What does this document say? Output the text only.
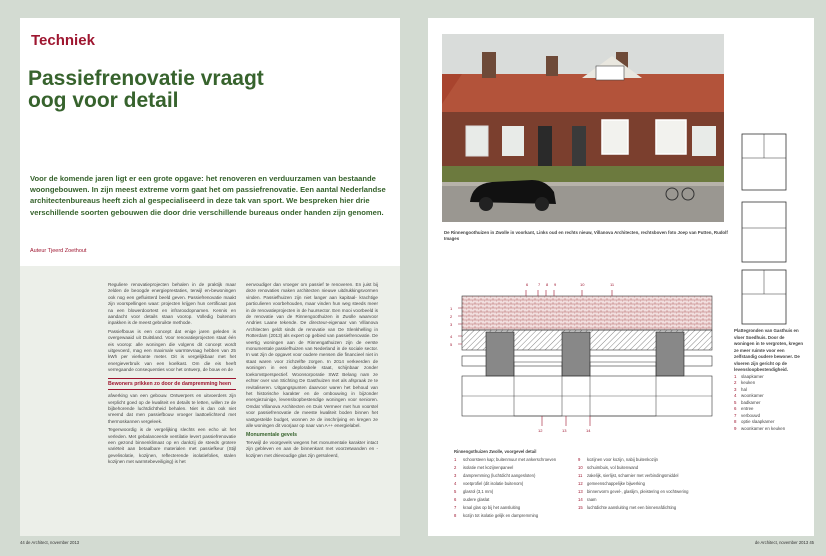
Techniek
Passiefrenovatie vraagt
oog voor detail
Voor de komende jaren ligt er een grote opgave: het renoveren en verduurzamen van bestaande woongebouwen. In zijn meest extreme vorm gaat het om passiefrenovatie. Een aantal Nederlandse architectenbureaus heeft zich al gespecialiseerd in deze tak van sport. We bespreken hier drie verschillende soorten gebouwen die door drie verschillende bureaus onder handen zijn genomen.
Auteur Tjeerd Zoethout

Reguliere renovatieprojecten behalen in de praktijk maar zelden de beoogde energieprestaties, terwijl en-bewoningen ook nog een gefluisterd beeld geven. Passiefrenovatie maakt zijn voorspellingen waar: projecten krijgen hun certificaat pas na een blowerdoortest en infraroodopnamen. Kennis en aandacht voor details staan voorop. Volledig buitenom inpakken is de meest gebruikte methode.

Passiefbouw is een concept dat enige jaren geleden is overgewaaid uit Duitsland. Voor renovatieprojecten staat één eis voorop: alle woningen die volgens dit concept wordt uitgevoerd, mag een maximale warmtevraag hebben van 25 kWh per vierkante meter. Dit is vergelijkbaar met het energieverbruik van een koelkast. Om die eis heeft verregaande consequenties voor het ontwerp, de bouw en de

Bewoners prikken zo door de dampremming heen

afwerking van een gebouw. Ontwerpers en uitvoerders zijn verplicht goed op de kwaliteit en details te letten, willen ze de bijbehorende luchtdichtheid behalen. Niet is dan ook niet vreemd dat men passiefbouw vroeger laattoelichtend met thermoskannen vergeleek.

Tegenwoordig is de vergelijking slechts een echo uit het verleden. Met gebalanceerde ventilatie levert passiefrenovatie een gezond binnenklimaat op en dankzij de steeds grotere variëteit aan betaalbare materialen met passiefkeur (Stijl gevelisolatie, kozijnen, reflecterende isolatiefolies, stalen kozijnen met warmtebeveiliging) is het

eenvoudiger dan vroeger om passief te renoveren. En juist bij deze renovaties maken architecten nieuwe uitdrukkingsvormen vinden. Passiefhuizen zijn niet langer aan kapitaal- krachtige particulieren voorbehouden, maar vinden hun weg steeds meer in de renovatieprojecten in de huursector. Een mooi voorbeeld is de renovatie van de Rinnengoothuizen in Zwolle waarvoor Andries Laane tekende. De directeur-eigenaar van Villanova Architecten geldt sinds de renovatie van De Slenkhelling in Rotterdam (2013) als expert op gebied van passiefrenovatie. De veertig woningen aan de Rinnengathuizen zijn de eerste monumentale passiefhuizen van Nederland in de sociale sector. In wat zijn de opgavet voor oudere mensen die financieel niet in staat waren voor zichzelfte zorgen. In 2014 verkeerden de woningen in een deplorabele staat, schijnbaar zonder toekomstperspectief. Woonsorporatie SWZ Belang nam ze echter over van Stichting De Gasthuizen met als afspraak ze te revitaliseren. Uitgangspunten daarvoor waren het behoud van het historische karakter en de ombouwing in bijzonder energiezuinige, levensloopbestendige woningen voor senioren. Omdat Villanova Architecten en Duis Vermeer met hun voorstel voor passiefrenovatie de meeste kwaliteit boden binnen het vastgestelde budget, wonnen ze de inschrijving en kregen ze alle woningen dit voorjaar op naar van A++ energielabel.

Monumentale gevels

Tervwijl de voorgevels wegens het monumentale karakter intact zijn gebleven en aan de binnenkant met voorzetwanden en -kozijnen met drievoudige glas zijn geïsoleerd,

De Rinnengoothuizen in Zwolle in voorkant, Links oud en rechts nieuw, Villanova Architecten, rechtsboven foto Joep van Putten, Rudolf Images
6 7 8 9	10	11
1
2
3
4
5
12	13	14
Rinnengothuizen Zwolle, voorgevel detail
1 schoorsteen kap; buitenmuur met ankerschroeven
2 isolatie met kozijnenpaneel
3 dampremming (luchtdicht aangesloten)
4 voetprofiel (dit isolatie buitenom)
5 glasrol (3,1 mm)
6 oudere glaslat
7 kraal glas op bij het aansluiting
8 kozijn tot isolatie gelijk en dampremming
9 kozijnen voor kozijn, nabij buitenkozijn
10 schuimbuis, vol buitenwand
11 zakelijk, sierlijst, scharnier met verbindingsmiddel
12 gemeenschappelijke bijwerking
13 binnenvorm gevel-, glaslijm, pleistering en vochtwering
14 raam
15 luchtdichte aansluiting met een binnenafdichting
Plattegronden van Gasthuis en vloer Soedhuis. Door de woningen in te vergroten, kregen ze meer ruimte voor een zelfstandig oudere bewoner. De vloeren zijn gericht op de levensloopbestendigheid.
1 slaapkamer
2 keuken
3 hal
4 woonkamer
5 badkamer
6 entree
7 verbouwd
8 optie slaapkamer
9 woonkamer en keuken
44 de Architect, november 2013	de Architect, november 2013 45
